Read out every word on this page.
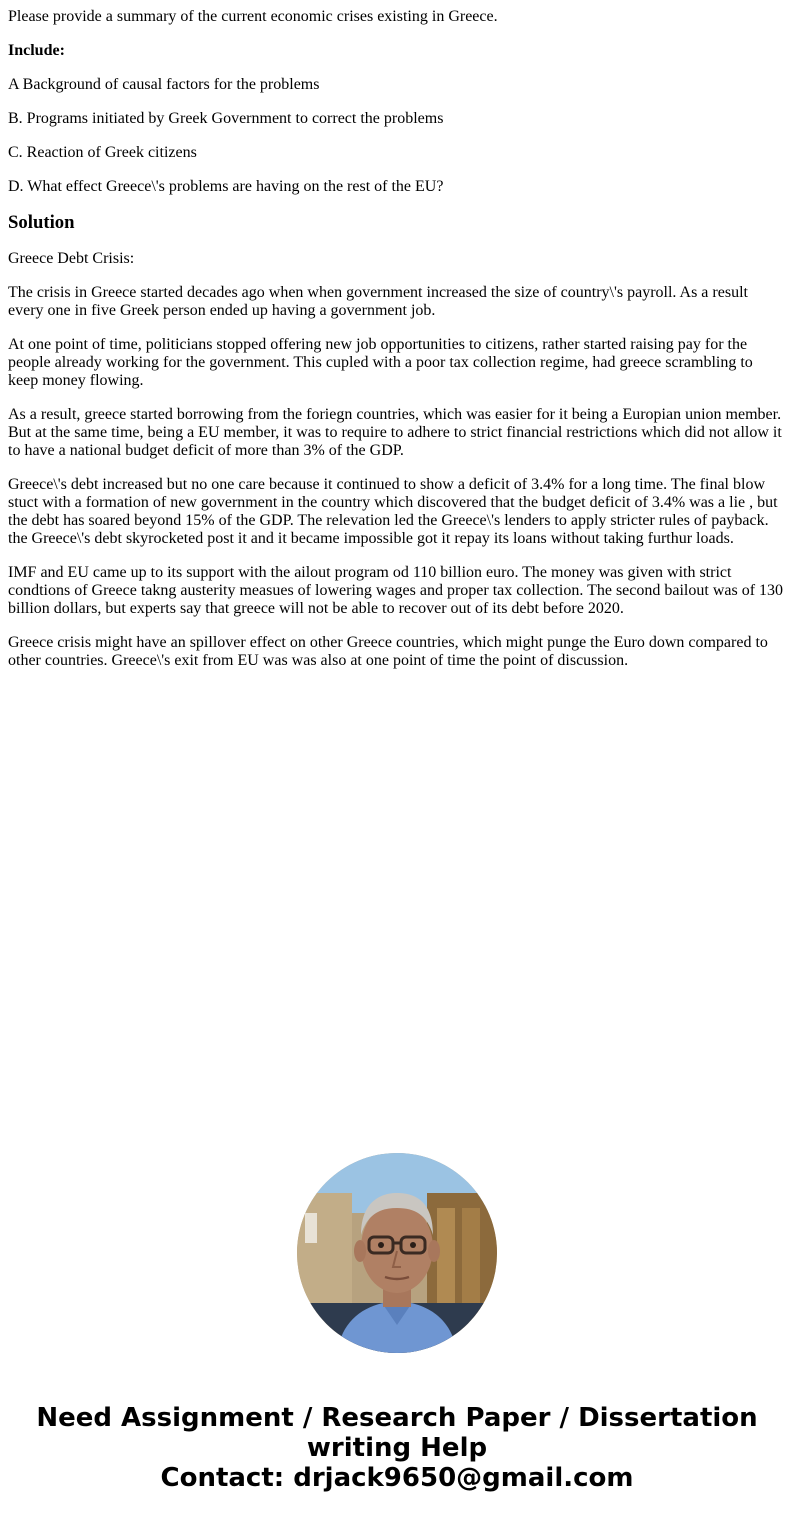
Please provide a summary of the current economic crises existing in Greece.

Include:

A Background of causal factors for the problems

B. Programs initiated by Greek Government to correct the problems

C. Reaction of Greek citizens

D. What effect Greece\'s problems are having on the rest of the EU?

Solution

Greece Debt Crisis:

The crisis in Greece started decades ago when when government increased the size of country\'s payroll. As a result every one in five Greek person ended up having a government job.

At one point of time, politicians stopped offering new job opportunities to citizens, rather started raising pay for the people already working for the government. This cupled with a poor tax collection regime, had greece scrambling to keep money flowing.

As a result, greece started borrowing from the foriegn countries, which was easier for it being a Europian union member. But at the same time, being a EU member, it was to require to adhere to strict financial restrictions which did not allow it to have a national budget deficit of more than 3% of the GDP.

Greece\'s debt increased but no one care because it continued to show a deficit of 3.4% for a long time. The final blow stuct with a formation of new government in the country which discovered that the budget deficit of 3.4% was a lie , but the debt has soared beyond 15% of the GDP. The relevation led the Greece\'s lenders to apply stricter rules of payback. the Greece\'s debt skyrocketed post it and it became impossible got it repay its loans without taking furthur loads.

IMF and EU came up to its support with the ailout program od 110 billion euro. The money was given with strict condtions of Greece takng austerity measues of lowering wages and proper tax collection. The second bailout was of 130 billion dollars, but experts say that greece will not be able to recover out of its debt before 2020.

Greece crisis might have an spillover effect on other Greece countries, which might punge the Euro down compared to other countries. Greece\'s exit from EU was was also at one point of time the point of discussion.

Need Assignment / Research Paper / Dissertation
writing Help
Contact: drjack9650@gmail.com
